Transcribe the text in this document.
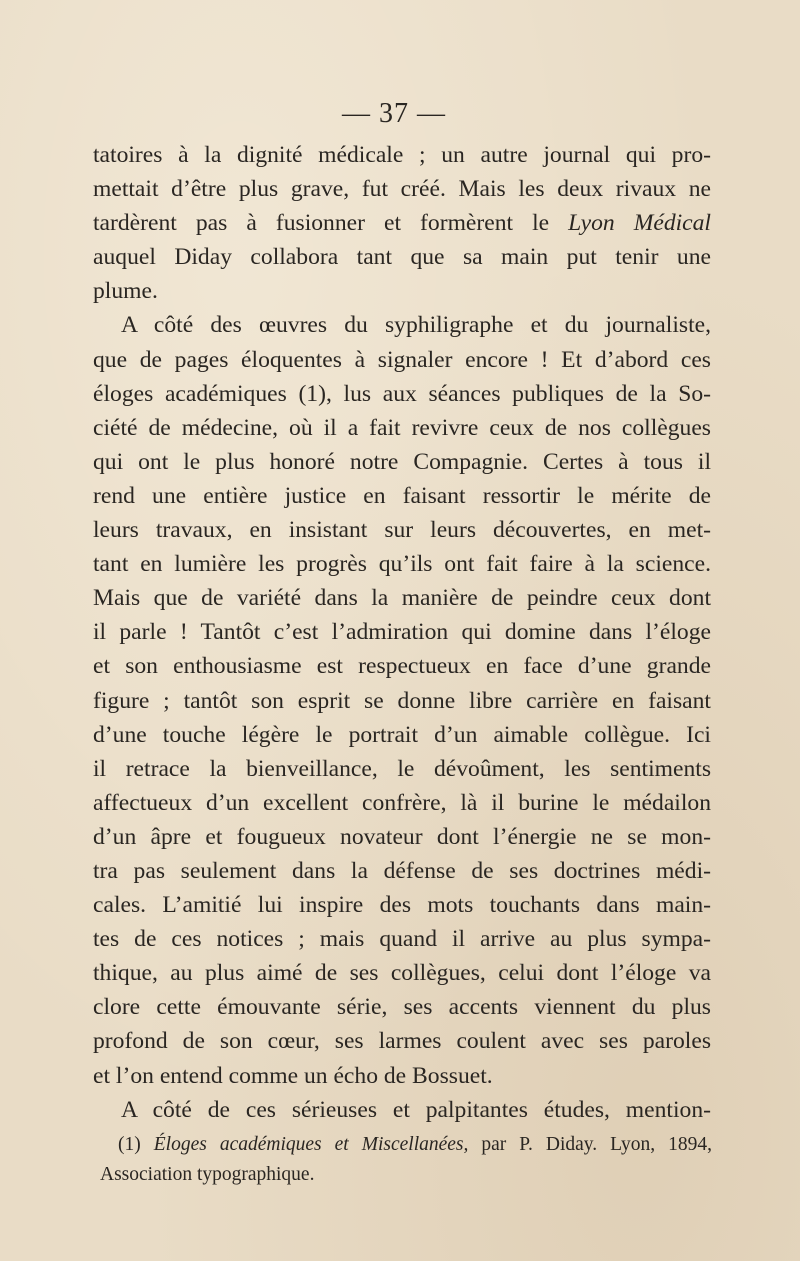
— 37 —
tatoires à la dignité médicale ; un autre journal qui pro-
mettait d’être plus grave, fut créé. Mais les deux rivaux ne
tardèrent pas à fusionner et formèrent le Lyon Médical
auquel Diday collabora tant que sa main put tenir une
plume.
A côté des œuvres du syphiligraphe et du journaliste,
que de pages éloquentes à signaler encore ! Et d’abord ces
éloges académiques (1), lus aux séances publiques de la So-
ciété de médecine, où il a fait revivre ceux de nos collègues
qui ont le plus honoré notre Compagnie. Certes à tous il
rend une entière justice en faisant ressortir le mérite de
leurs travaux, en insistant sur leurs découvertes, en met-
tant en lumière les progrès qu’ils ont fait faire à la science.
Mais que de variété dans la manière de peindre ceux dont
il parle ! Tantôt c’est l’admiration qui domine dans l’éloge
et son enthousiasme est respectueux en face d’une grande
figure ; tantôt son esprit se donne libre carrière en faisant
d’une touche légère le portrait d’un aimable collègue. Ici
il retrace la bienveillance, le dévoûment, les sentiments
affectueux d’un excellent confrère, là il burine le médailon
d’un âpre et fougueux novateur dont l’énergie ne se mon-
tra pas seulement dans la défense de ses doctrines médi-
cales. L’amitié lui inspire des mots touchants dans main-
tes de ces notices ; mais quand il arrive au plus sympa-
thique, au plus aimé de ses collègues, celui dont l’éloge va
clore cette émouvante série, ses accents viennent du plus
profond de son cœur, ses larmes coulent avec ses paroles
et l’on entend comme un écho de Bossuet.
A côté de ces sérieuses et palpitantes études, mention-
(1) Éloges académiques et Miscellanées, par P. Diday. Lyon, 1894,
Association typographique.
